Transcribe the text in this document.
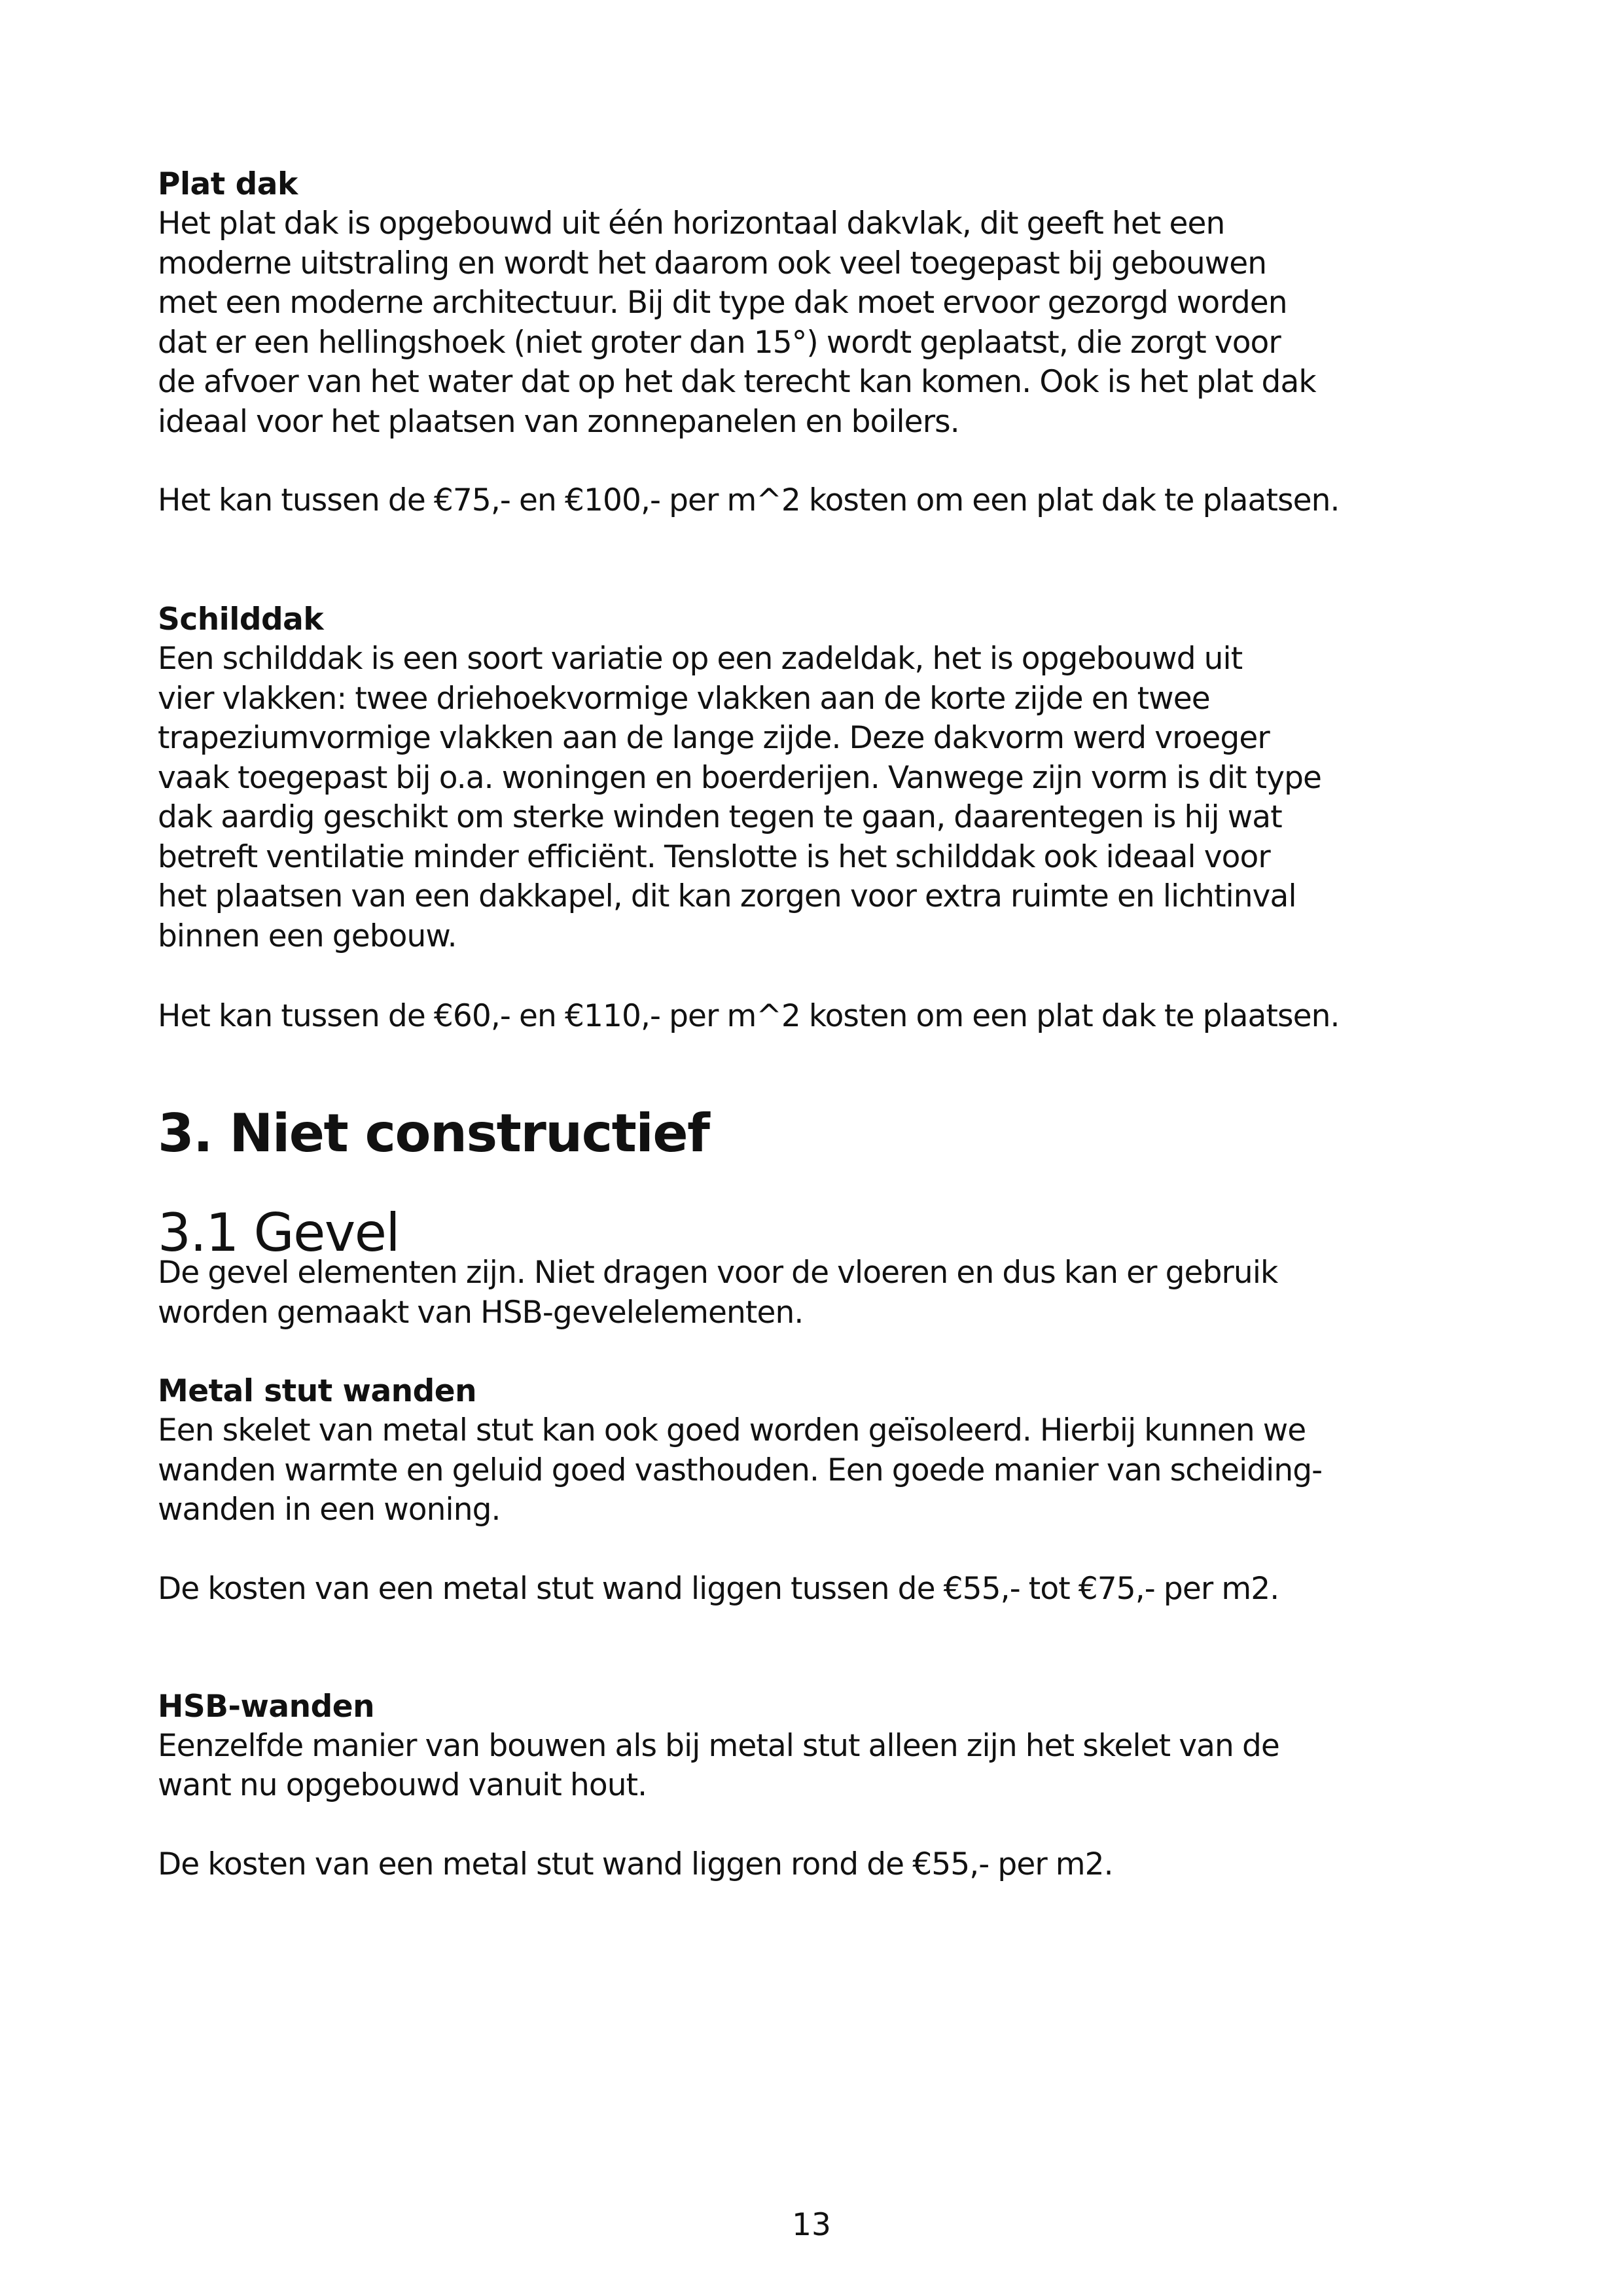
Plat dak

Het plat dak is opgebouwd uit één horizontaal dakvlak, dit geeft het een
moderne uitstraling en wordt het daarom ook veel toegepast bij gebouwen
met een moderne architectuur. Bij dit type dak moet ervoor gezorgd worden
dat er een hellingshoek (niet groter dan 15°) wordt geplaatst, die zorgt voor
de afvoer van het water dat op het dak terecht kan komen. Ook is het plat dak
ideaal voor het plaatsen van zonnepanelen en boilers.

Het kan tussen de €75,- en €100,- per m^2 kosten om een plat dak te plaatsen.

Schilddak

Een schilddak is een soort variatie op een zadeldak, het is opgebouwd uit
vier vlakken: twee driehoekvormige vlakken aan de korte zijde en twee
trapeziumvormige vlakken aan de lange zijde. Deze dakvorm werd vroeger
vaak toegepast bij o.a. woningen en boerderijen. Vanwege zijn vorm is dit type
dak aardig geschikt om sterke winden tegen te gaan, daarentegen is hij wat
betreft ventilatie minder efficiënt. Tenslotte is het schilddak ook ideaal voor
het plaatsen van een dakkapel, dit kan zorgen voor extra ruimte en lichtinval
binnen een gebouw.

Het kan tussen de €60,- en €110,- per m^2 kosten om een plat dak te plaatsen.

3. Niet constructief
3.1 Gevel

De gevel elementen zijn. Niet dragen voor de vloeren en dus kan er gebruik
worden gemaakt van HSB-gevelelementen.

Metal stut wanden

Een skelet van metal stut kan ook goed worden geïsoleerd. Hierbij kunnen we
wanden warmte en geluid goed vasthouden. Een goede manier van scheiding-
wanden in een woning.

De kosten van een metal stut wand liggen tussen de €55,- tot €75,- per m2.

HSB-wanden

Eenzelfde manier van bouwen als bij metal stut alleen zijn het skelet van de
want nu opgebouwd vanuit hout.

De kosten van een metal stut wand liggen rond de €55,- per m2.

13
